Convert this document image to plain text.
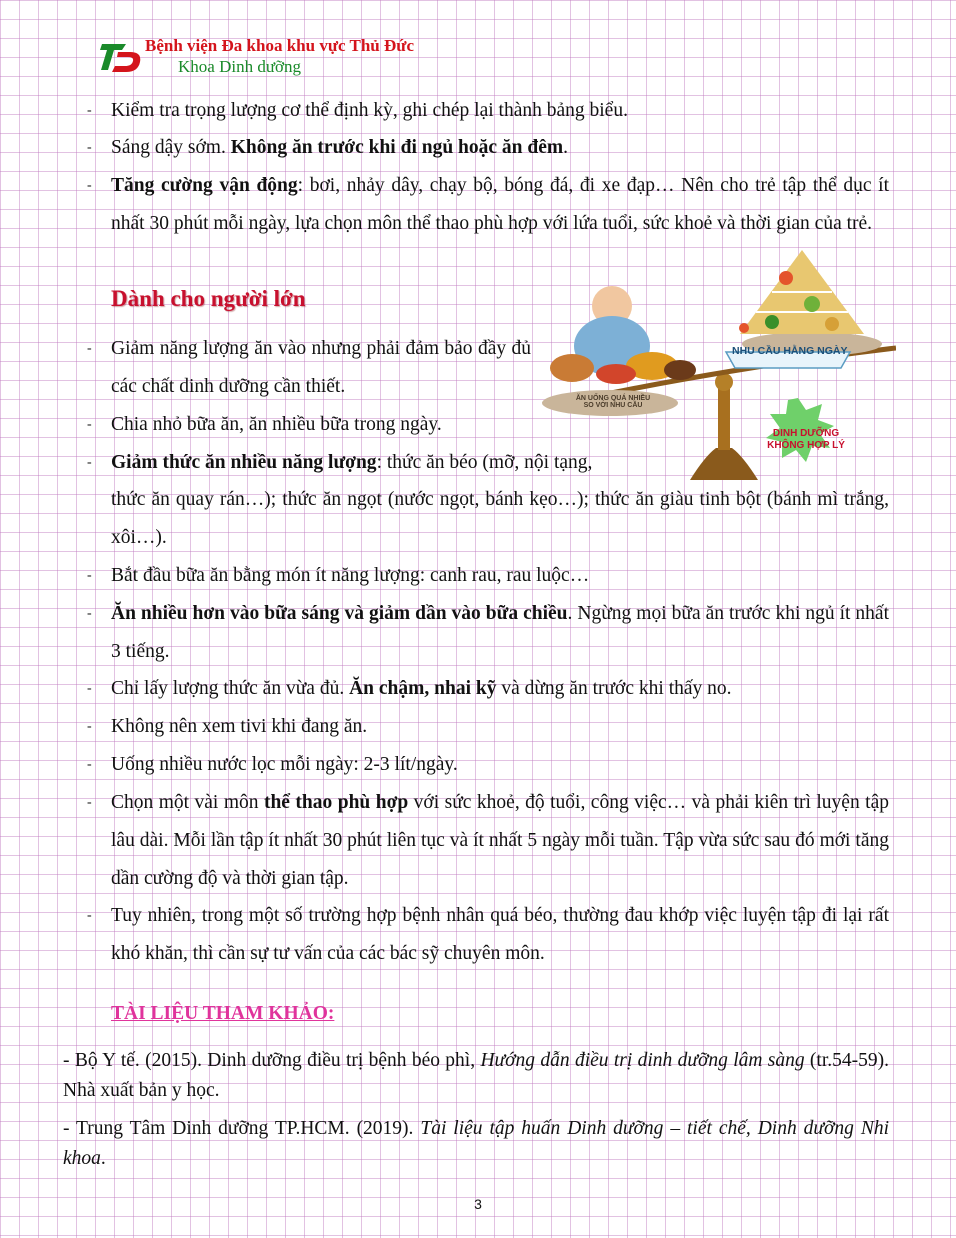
Bệnh viện Đa khoa khu vực Thủ Đức
Khoa Dinh dưỡng
- Kiểm tra trọng lượng cơ thể định kỳ, ghi chép lại thành bảng biểu.
- Sáng dậy sớm. Không ăn trước khi đi ngủ hoặc ăn đêm.
- Tăng cường vận động: bơi, nhảy dây, chạy bộ, bóng đá, đi xe đạp… Nên cho trẻ tập thể dục ít nhất 30 phút mỗi ngày, lựa chọn môn thể thao phù hợp với lứa tuổi, sức khoẻ và thời gian của trẻ.
Dành cho người lớn
- Giảm năng lượng ăn vào nhưng phải đảm bảo đầy đủ các chất dinh dưỡng cần thiết.
- Chia nhỏ bữa ăn, ăn nhiều bữa trong ngày.
- Giảm thức ăn nhiều năng lượng: thức ăn béo (mỡ, nội tạng,
thức ăn quay rán…); thức ăn ngọt (nước ngọt, bánh kẹo…); thức ăn giàu tinh bột (bánh mì trắng, xôi…).
- Bắt đầu bữa ăn bằng món ít năng lượng: canh rau, rau luộc…
- Ăn nhiều hơn vào bữa sáng và giảm dần vào bữa chiều. Ngừng mọi bữa ăn trước khi ngủ ít nhất 3 tiếng.
- Chỉ lấy lượng thức ăn vừa đủ. Ăn chậm, nhai kỹ và dừng ăn trước khi thấy no.
- Không nên xem tivi khi đang ăn.
- Uống nhiều nước lọc mỗi ngày: 2-3 lít/ngày.
- Chọn một vài môn thể thao phù hợp với sức khoẻ, độ tuổi, công việc… và phải kiên trì luyện tập lâu dài. Mỗi lần tập ít nhất 30 phút liên tục và ít nhất 5 ngày mỗi tuần. Tập vừa sức sau đó mới tăng dần cường độ và thời gian tập.
- Tuy nhiên, trong một số trường hợp bệnh nhân quá béo, thường đau khớp việc luyện tập đi lại rất khó khăn, thì cần sự tư vấn của các bác sỹ chuyên môn.
NHU CẦU HẰNG NGÀY
ĂN UỐNG QUÁ NHIỀU
SO VỚI NHU CẦU
DINH DƯỠNG
KHÔNG HỢP LÝ
TÀI LIỆU THAM KHẢO:
- Bộ Y tế. (2015). Dinh dưỡng điều trị bệnh béo phì, Hướng dẫn điều trị dinh dưỡng lâm sàng (tr.54-59). Nhà xuất bản y học.
- Trung Tâm Dinh dưỡng TP.HCM. (2019). Tài liệu tập huấn Dinh dưỡng – tiết chế, Dinh dưỡng Nhi khoa.
3
